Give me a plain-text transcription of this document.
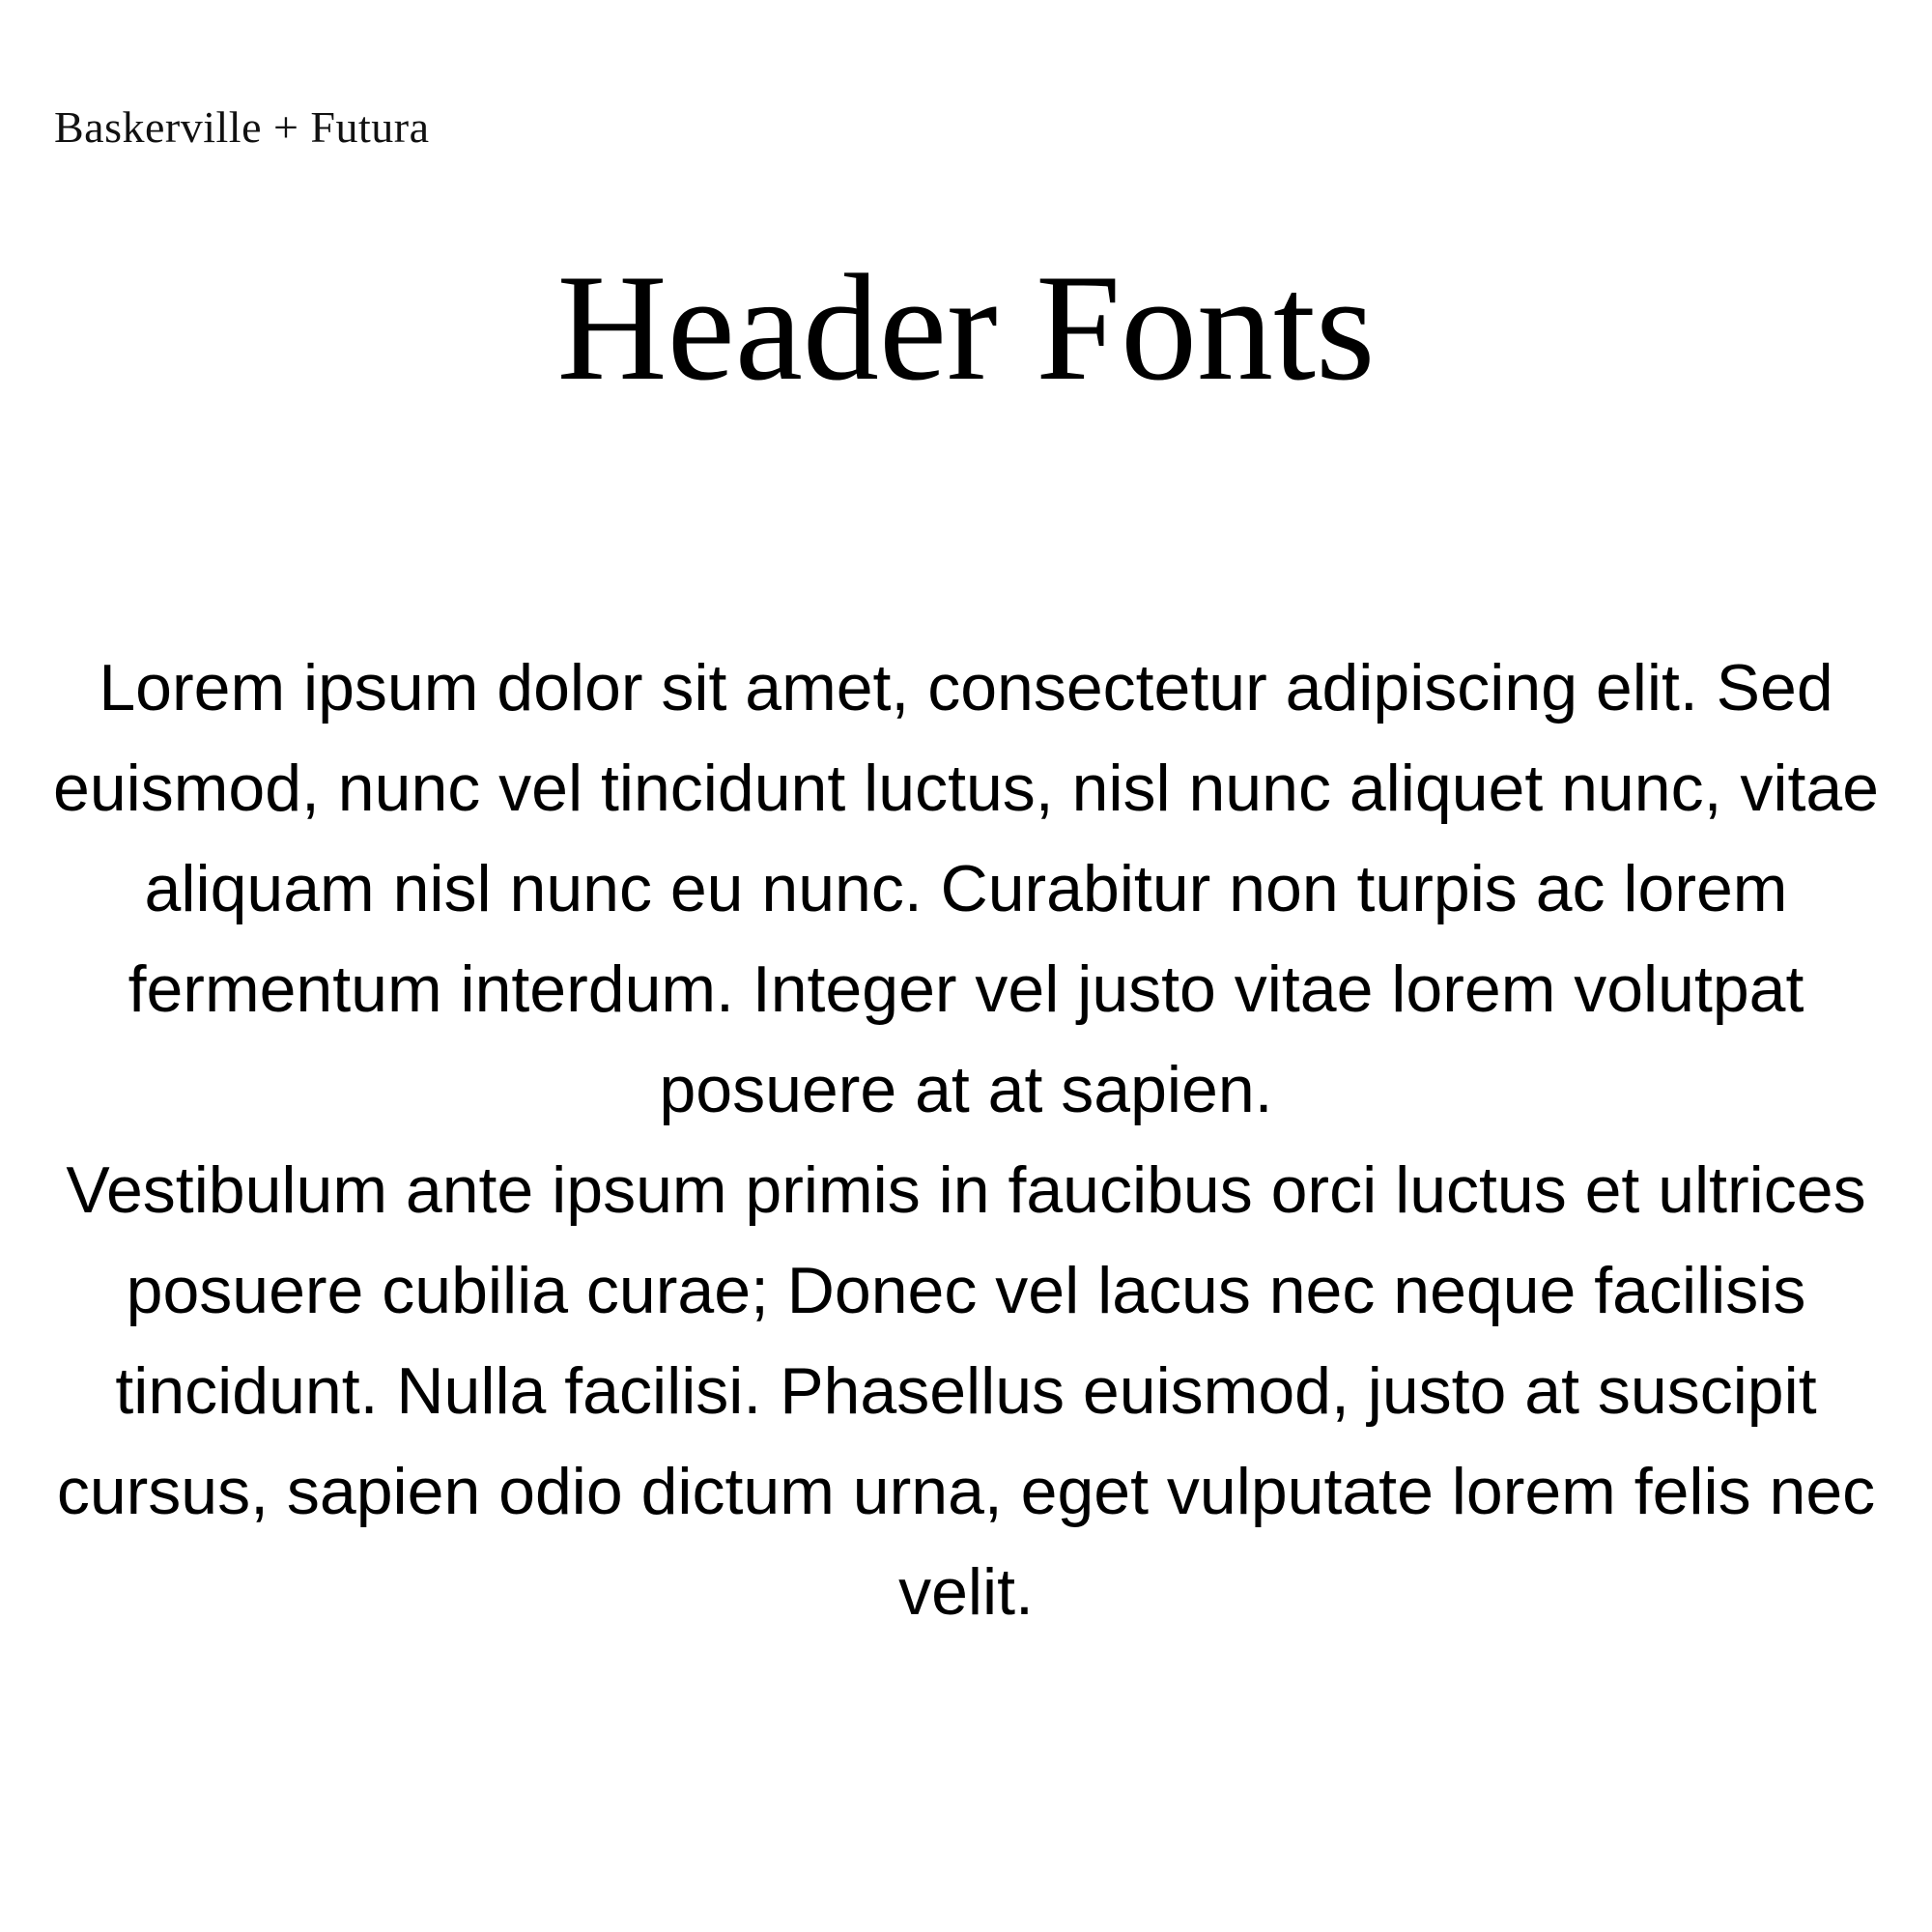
Baskerville + Futura
Header Fonts

Lorem ipsum dolor sit amet, consectetur adipiscing elit. Sed euismod, nunc vel tincidunt luctus, nisl nunc aliquet nunc, vitae aliquam nisl nunc eu nunc. Curabitur non turpis ac lorem fermentum interdum. Integer vel justo vitae lorem volutpat posuere at at sapien.

Vestibulum ante ipsum primis in faucibus orci luctus et ultrices posuere cubilia curae; Donec vel lacus nec neque facilisis tincidunt. Nulla facilisi. Phasellus euismod, justo at suscipit cursus, sapien odio dictum urna, eget vulputate lorem felis nec velit.
